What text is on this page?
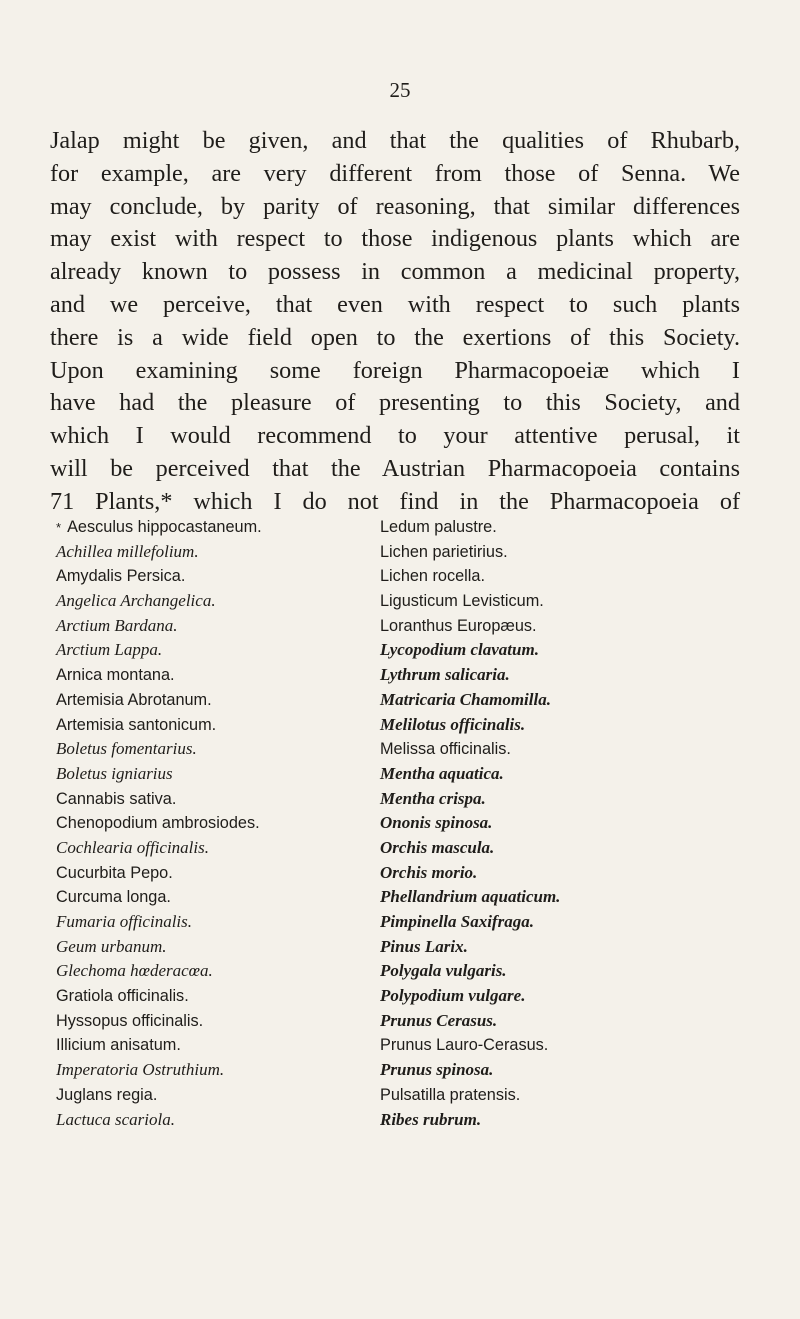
25

Jalap might be given, and that the qualities of Rhubarb,
for example, are very different from those of Senna. We
may conclude, by parity of reasoning, that similar differences
may exist with respect to those indigenous plants which are
already known to possess in common a medicinal property,
and we perceive, that even with respect to such plants
there is a wide field open to the exertions of this Society.
Upon examining some foreign Pharmacopoeiæ which I
have had the pleasure of presenting to this Society, and
which I would recommend to your attentive perusal, it
will be perceived that the Austrian Pharmacopoeia contains
71 Plants,* which I do not find in the Pharmacopoeia of

* Aesculus hippocastaneum.
Achillea millefolium.
Amydalis Persica.
Angelica Archangelica.
Arctium Bardana.
Arctium Lappa.
Arnica montana.
Artemisia Abrotanum.
Artemisia santonicum.
Boletus fomentarius.
Boletus igniarius
Cannabis sativa.
Chenopodium ambrosiodes.
Cochlearia officinalis.
Cucurbita Pepo.
Curcuma longa.
Fumaria officinalis.
Geum urbanum.
Glechoma hœderacœa.
Gratiola officinalis.
Hyssopus officinalis.
Illicium anisatum.
Imperatoria Ostruthium.
Juglans regia.
Lactuca scariola.
Ledum palustre.
Lichen parietirius.
Lichen rocella.
Ligusticum Levisticum.
Loranthus Europæus.
Lycopodium clavatum.
Lythrum salicaria.
Matricaria Chamomilla.
Melilotus officinalis.
Melissa officinalis.
Mentha aquatica.
Mentha crispa.
Ononis spinosa.
Orchis mascula.
Orchis morio.
Phellandrium aquaticum.
Pimpinella Saxifraga.
Pinus Larix.
Polygala vulgaris.
Polypodium vulgare.
Prunus Cerasus.
Prunus Lauro-Cerasus.
Prunus spinosa.
Pulsatilla pratensis.
Ribes rubrum.
